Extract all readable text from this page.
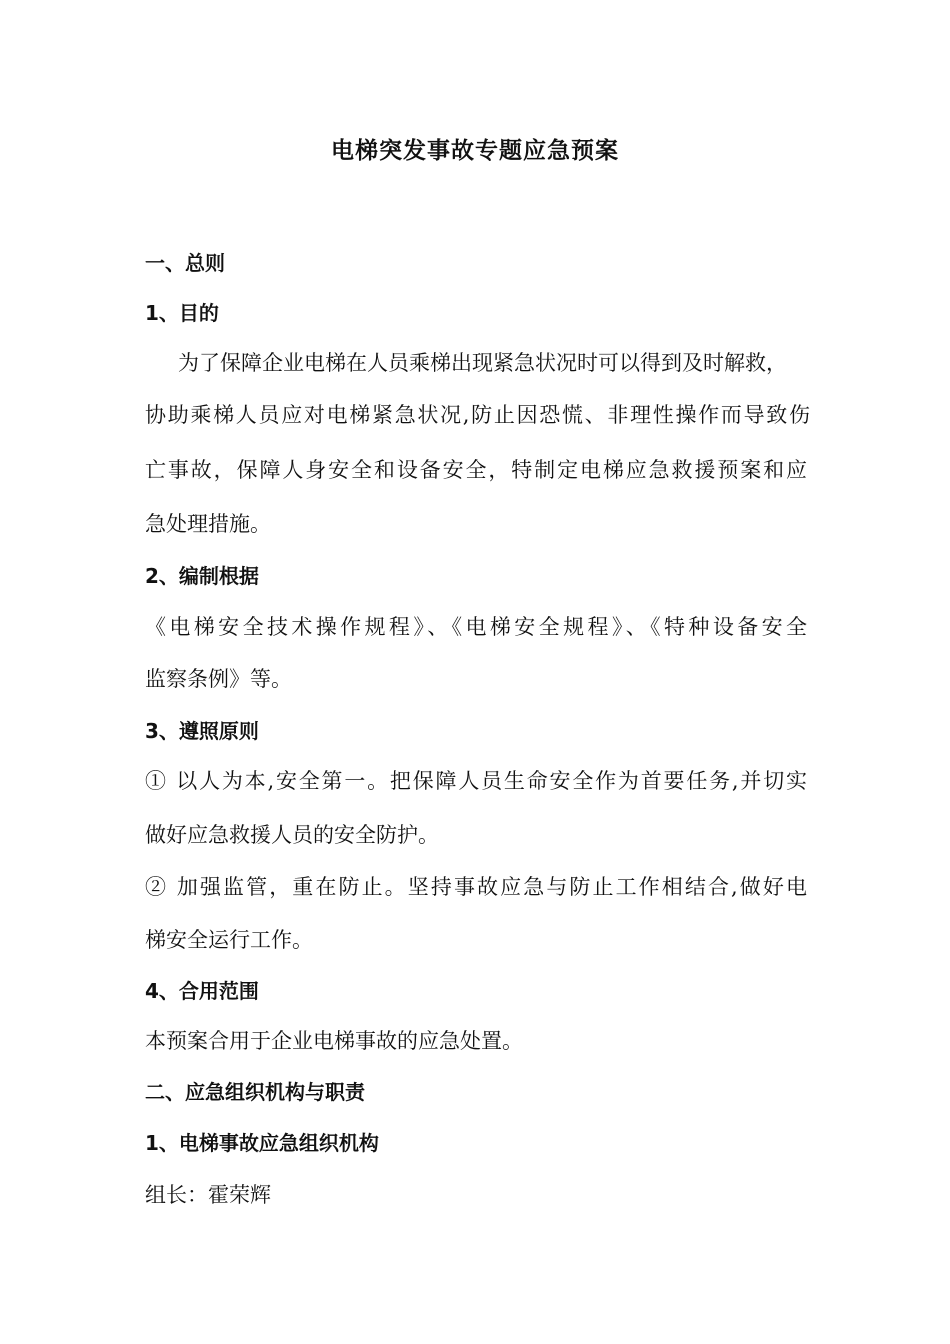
电梯突发事故专题应急预案

一、总则

1、目的

为了保障企业电梯在人员乘梯出现紧急状况时可以得到及时解救，

协助乘梯人员应对电梯紧急状况,防止因恐慌、非理性操作而导致伤

亡事故，保障人身安全和设备安全，特制定电梯应急救援预案和应

急处理措施。

2、编制根据

《电梯安全技术操作规程》、《电梯安全规程》、《特种设备安全

监察条例》等。

3、遵照原则

① 以人为本,安全第一。把保障人员生命安全作为首要任务,并切实

做好应急救援人员的安全防护。

② 加强监管，重在防止。坚持事故应急与防止工作相结合,做好电

梯安全运行工作。

4、合用范围

本预案合用于企业电梯事故的应急处置。

二、应急组织机构与职责

1、电梯事故应急组织机构

组长：霍荣辉
